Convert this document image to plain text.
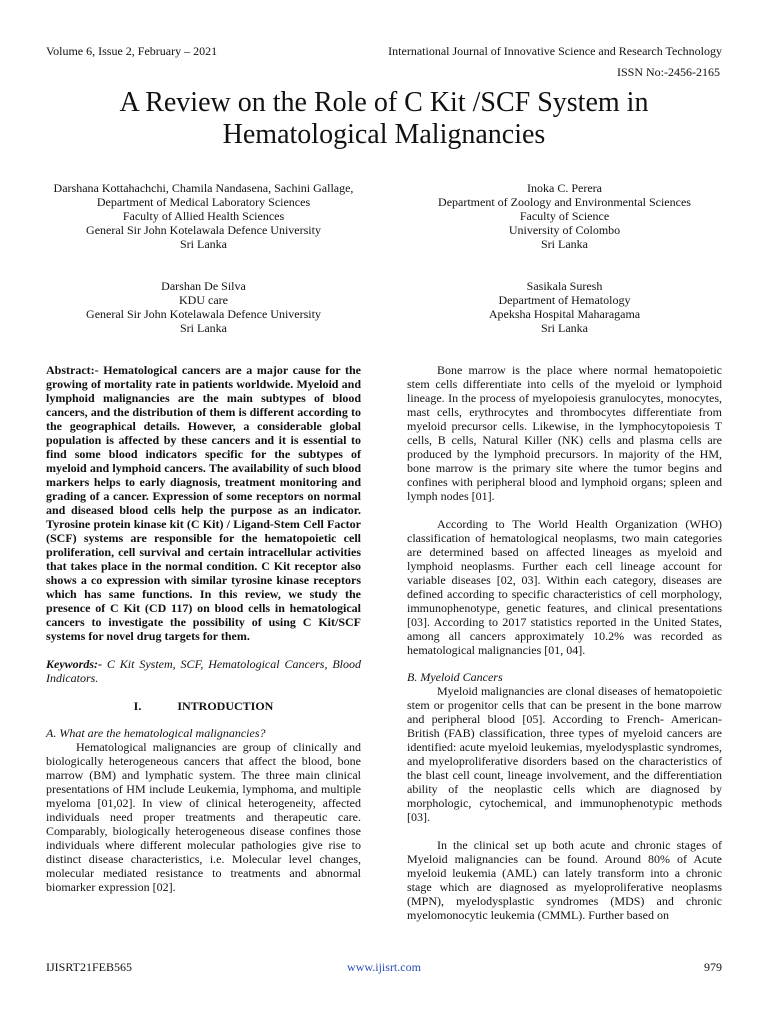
Volume 6, Issue 2, February – 2021	International Journal of Innovative Science and Research Technology
ISSN No:-2456-2165
A Review on the Role of C Kit /SCF System in
Hematological Malignancies
Darshana Kottahachchi, Chamila Nandasena, Sachini Gallage,
Department of Medical Laboratory Sciences
Faculty of Allied Health Sciences
General Sir John Kotelawala Defence University
Sri Lanka
Inoka C. Perera
Department of Zoology and Environmental Sciences
Faculty of Science
University of Colombo
Sri Lanka
Darshan De Silva
KDU care
General Sir John Kotelawala Defence University
Sri Lanka
Sasikala Suresh
Department of Hematology
Apeksha Hospital Maharagama
Sri Lanka

Abstract:- Hematological cancers are a major cause for the growing of mortality rate in patients worldwide. Myeloid and lymphoid malignancies are the main subtypes of blood cancers, and the distribution of them is different according to the geographical details. However, a considerable global population is affected by these cancers and it is essential to find some blood indicators specific for the subtypes of myeloid and lymphoid cancers. The availability of such blood markers helps to early diagnosis, treatment monitoring and grading of a cancer. Expression of some receptors on normal and diseased blood cells help the purpose as an indicator. Tyrosine protein kinase kit (C Kit) / Ligand-Stem Cell Factor (SCF) systems are responsible for the hematopoietic cell proliferation, cell survival and certain intracellular activities that takes place in the normal condition. C Kit receptor also shows a co expression with similar tyrosine kinase receptors which has same functions. In this review, we study the presence of C Kit (CD 117) on blood cells in hematological cancers to investigate the possibility of using C Kit/SCF systems for novel drug targets for them.

Keywords:- C Kit System, SCF, Hematological Cancers, Blood Indicators.

I.	INTRODUCTION
A. What are the hematological malignancies?

Hematological malignancies are group of clinically and biologically heterogeneous cancers that affect the blood, bone marrow (BM) and lymphatic system. The three main clinical presentations of HM include Leukemia, lymphoma, and multiple myeloma [01,02]. In view of clinical heterogeneity, affected individuals need proper treatments and therapeutic care. Comparably, biologically heterogeneous disease confines those individuals where different molecular pathologies give rise to distinct disease characteristics, i.e. Molecular level changes, molecular mediated resistance to treatments and abnormal biomarker expression [02].

Bone marrow is the place where normal hematopoietic stem cells differentiate into cells of the myeloid or lymphoid lineage. In the process of myelopoiesis granulocytes, monocytes, mast cells, erythrocytes and thrombocytes differentiate from myeloid precursor cells. Likewise, in the lymphocytopoiesis T cells, B cells, Natural Killer (NK) cells and plasma cells are produced by the lymphoid precursors. In majority of the HM, bone marrow is the primary site where the tumor begins and confines with peripheral blood and lymphoid organs; spleen and lymph nodes [01].

According to The World Health Organization (WHO) classification of hematological neoplasms, two main categories are determined based on affected lineages as myeloid and lymphoid neoplasms. Further each cell lineage account for variable diseases [02, 03]. Within each category, diseases are defined according to specific characteristics of cell morphology, immunophenotype, genetic features, and clinical presentations [03]. According to 2017 statistics reported in the United States, among all cancers approximately 10.2% was recorded as hematological malignancies [01, 04].

B. Myeloid Cancers

Myeloid malignancies are clonal diseases of hematopoietic stem or progenitor cells that can be present in the bone marrow and peripheral blood [05]. According to French- American-British (FAB) classification, three types of myeloid cancers are identified: acute myeloid leukemias, myelodysplastic syndromes, and myeloproliferative disorders based on the characteristics of the blast cell count, lineage involvement, and the differentiation ability of the neoplastic cells which are diagnosed by morphologic, cytochemical, and immunophenotypic methods [03].

In the clinical set up both acute and chronic stages of Myeloid malignancies can be found. Around 80% of Acute myeloid leukemia (AML) can lately transform into a chronic stage which are diagnosed as myeloproliferative neoplasms (MPN), myelodysplastic syndromes (MDS) and chronic myelomonocytic leukemia (CMML). Further based on

IJISRT21FEB565	www.ijisrt.com	979
